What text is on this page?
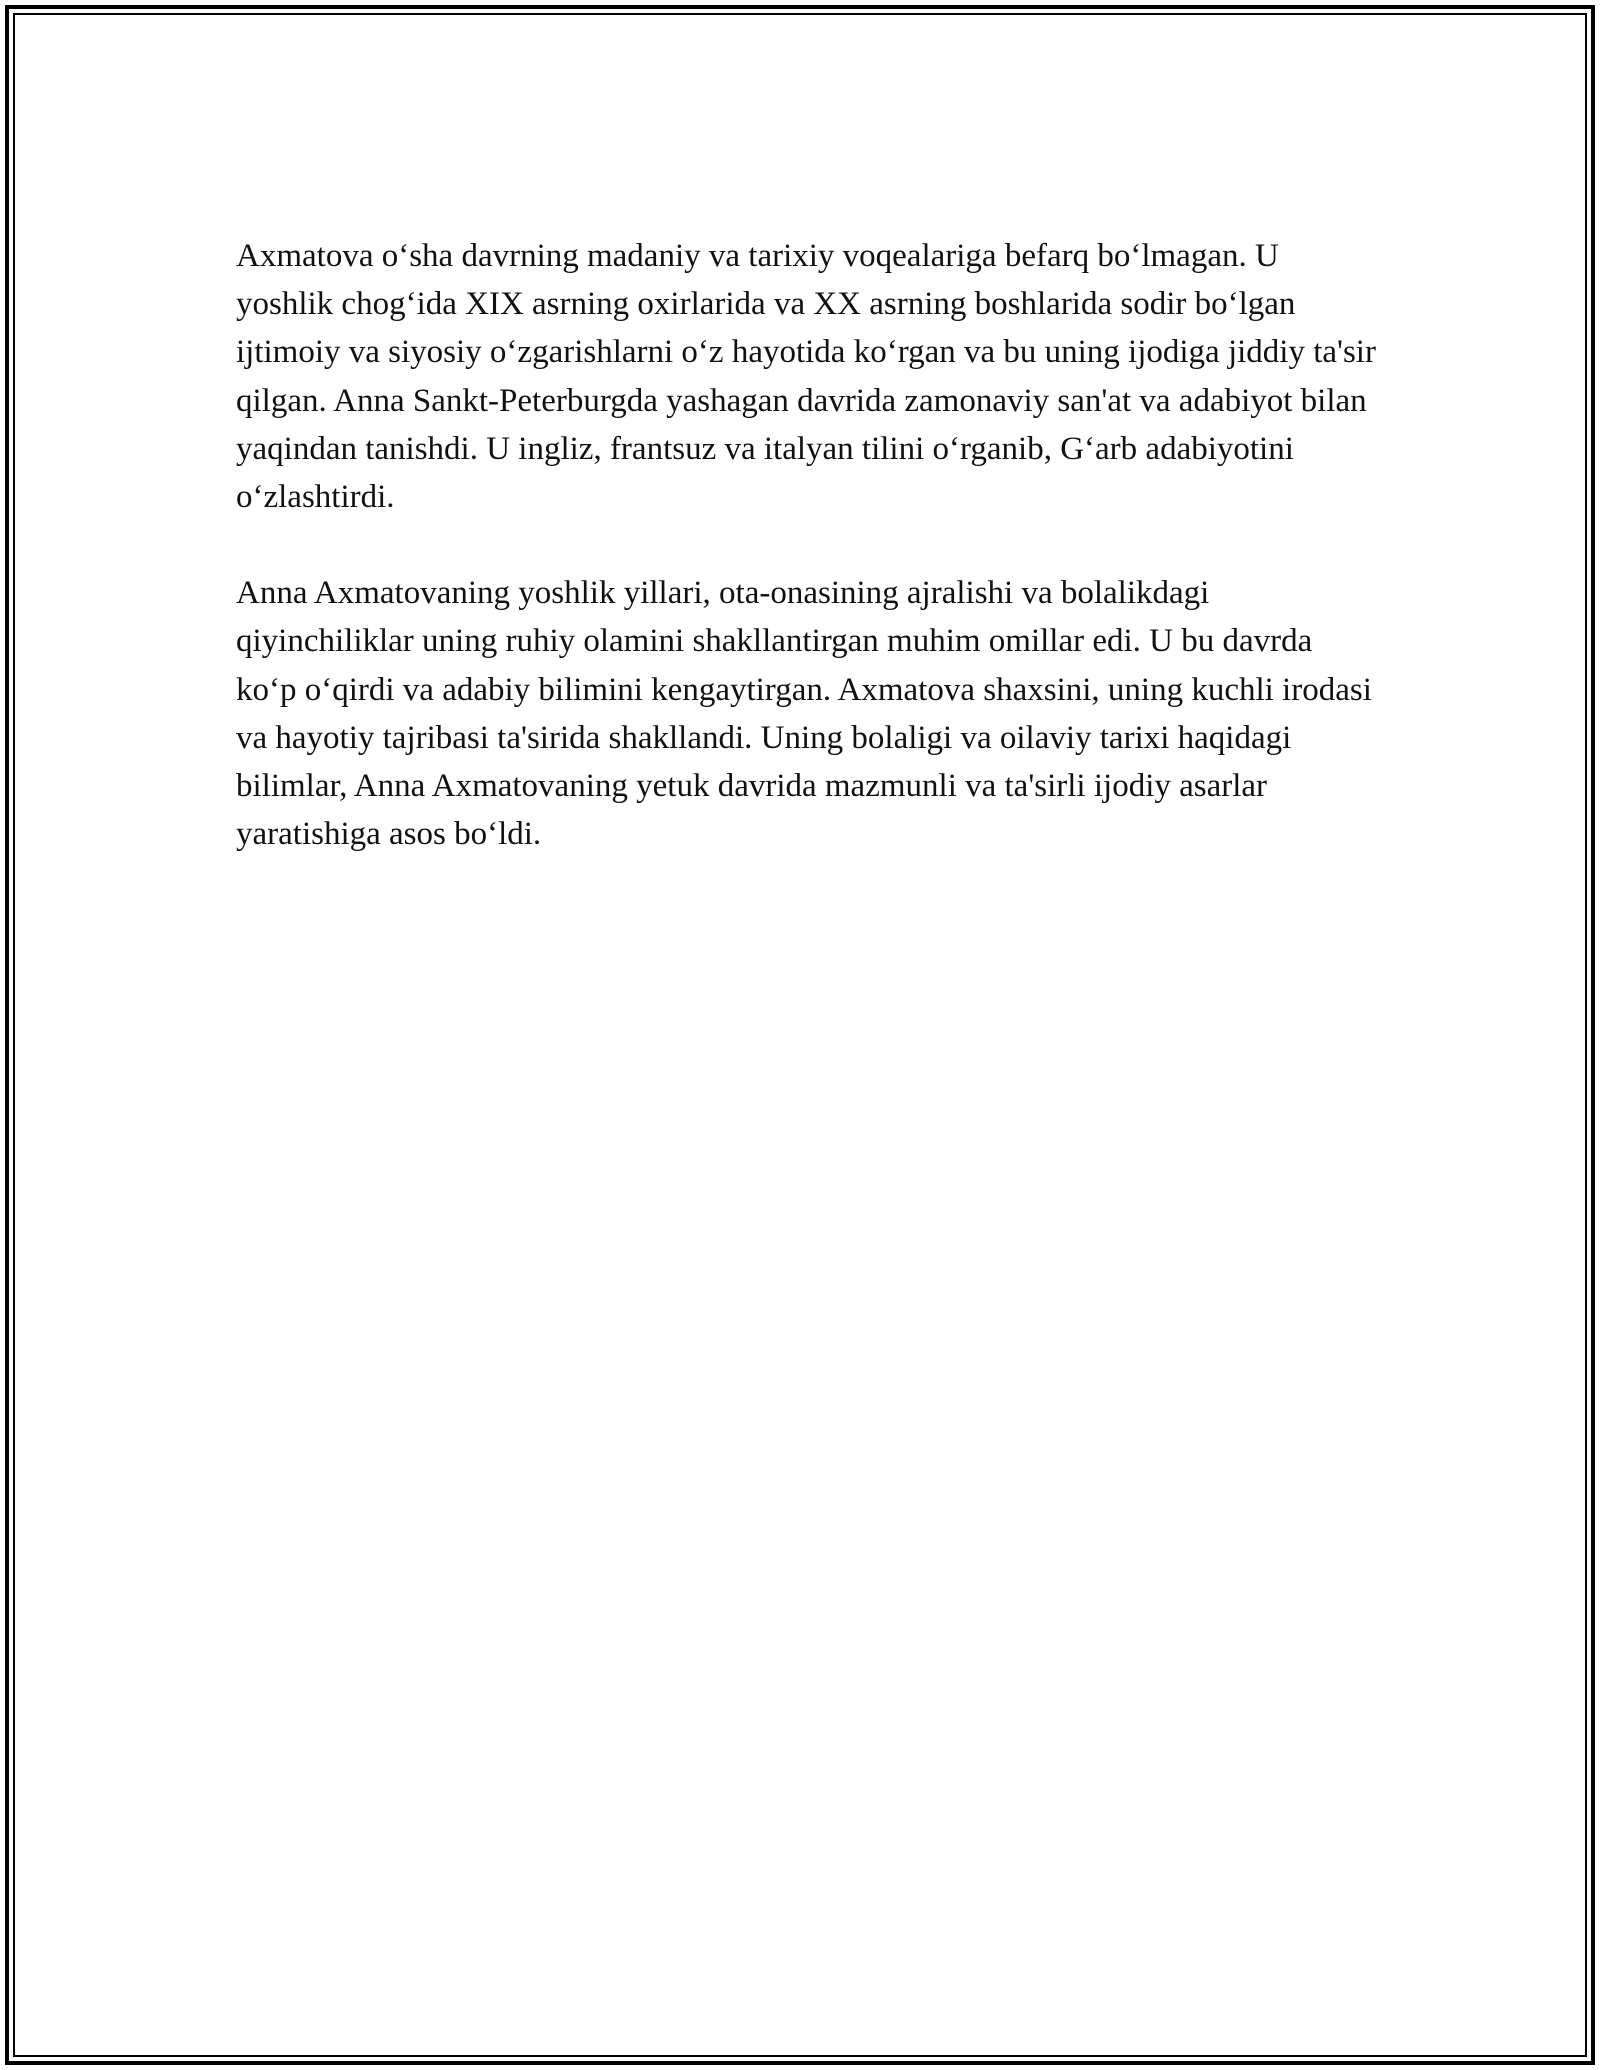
Axmatova o‘sha davrning madaniy va tarixiy voqealariga befarq bo‘lmagan. U yoshlik chog‘ida XIX asrning oxirlarida va XX asrning boshlarida sodir bo‘lgan ijtimoiy va siyosiy o‘zgarishlarni o‘z hayotida ko‘rgan va bu uning ijodiga jiddiy ta'sir qilgan. Anna Sankt-Peterburgda yashagan davrida zamonaviy san'at va adabiyot bilan yaqindan tanishdi. U ingliz, frantsuz va italyan tilini o‘rganib, G‘arb adabiyotini o‘zlashtirdi.

Anna Axmatovaning yoshlik yillari, ota-onasining ajralishi va bolalikdagi qiyinchiliklar uning ruhiy olamini shakllantirgan muhim omillar edi. U bu davrda ko‘p o‘qirdi va adabiy bilimini kengaytirgan. Axmatova shaxsini, uning kuchli irodasi va hayotiy tajribasi ta'sirida shakllandi. Uning bolaligi va oilaviy tarixi haqidagi bilimlar, Anna Axmatovaning yetuk davrida mazmunli va ta'sirli ijodiy asarlar yaratishiga asos bo‘ldi.
